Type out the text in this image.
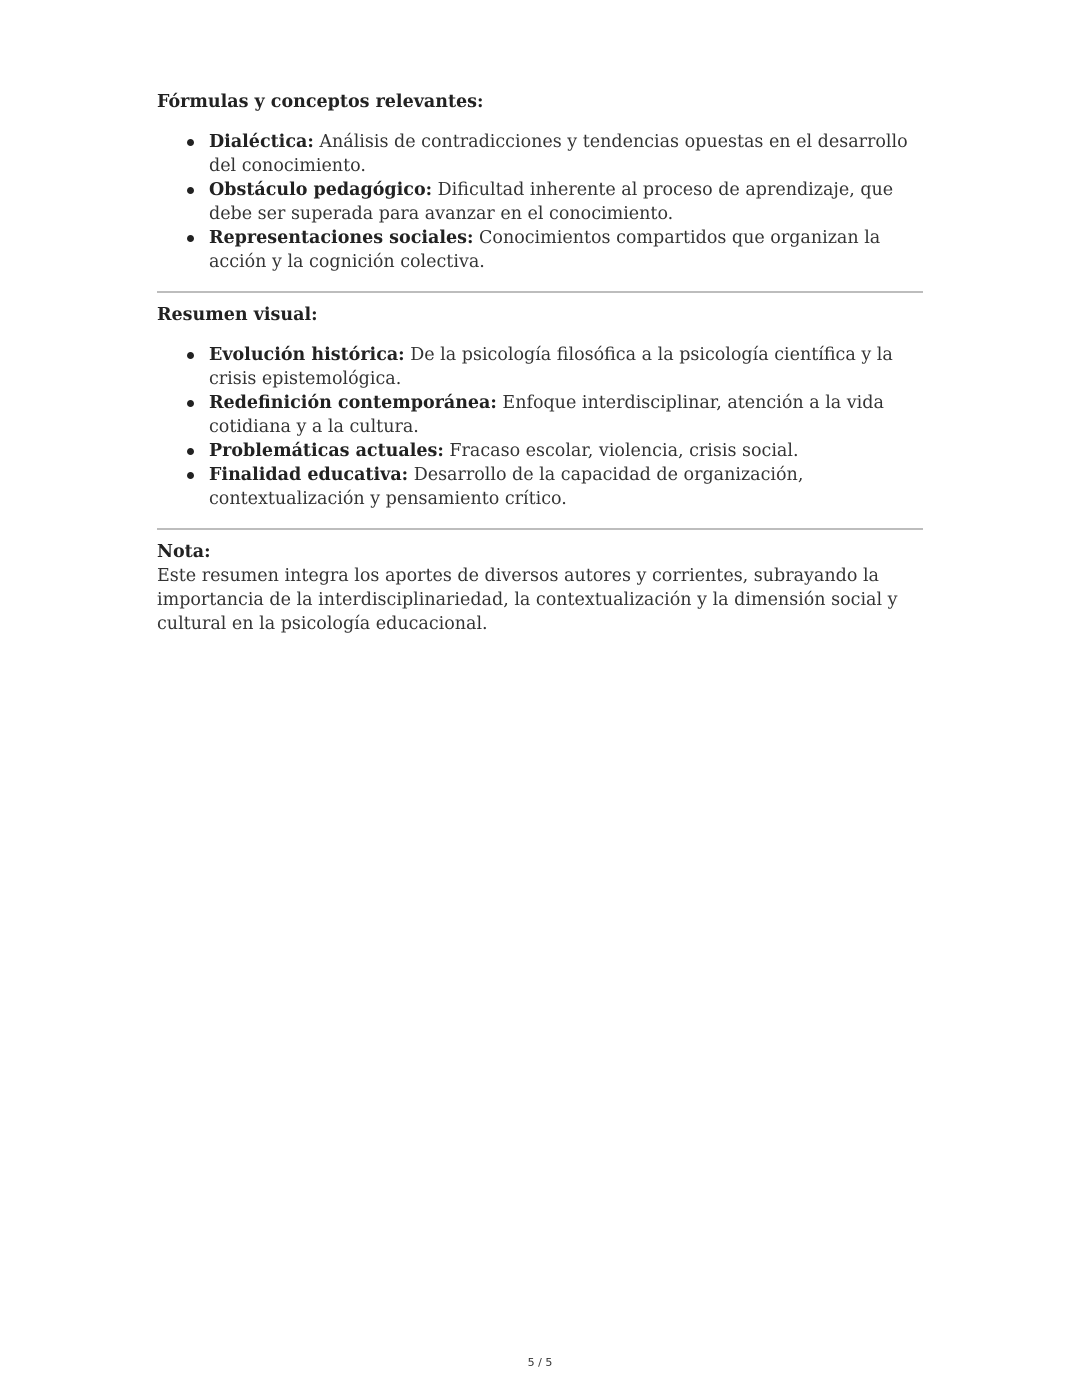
Fórmulas y conceptos relevantes:

Dialéctica: Análisis de contradicciones y tendencias opuestas en el desarrollo del conocimiento.
Obstáculo pedagógico: Dificultad inherente al proceso de aprendizaje, que debe ser superada para avanzar en el conocimiento.
Representaciones sociales: Conocimientos compartidos que organizan la acción y la cognición colectiva.

Resumen visual:

Evolución histórica: De la psicología filosófica a la psicología científica y la crisis epistemológica.
Redefinición contemporánea: Enfoque interdisciplinar, atención a la vida cotidiana y a la cultura.
Problemáticas actuales: Fracaso escolar, violencia, crisis social.
Finalidad educativa: Desarrollo de la capacidad de organización, contextualización y pensamiento crítico.

Nota:

Este resumen integra los aportes de diversos autores y corrientes, subrayando la importancia de la interdisciplinariedad, la contextualización y la dimensión social y cultural en la psicología educacional.

5 / 5
